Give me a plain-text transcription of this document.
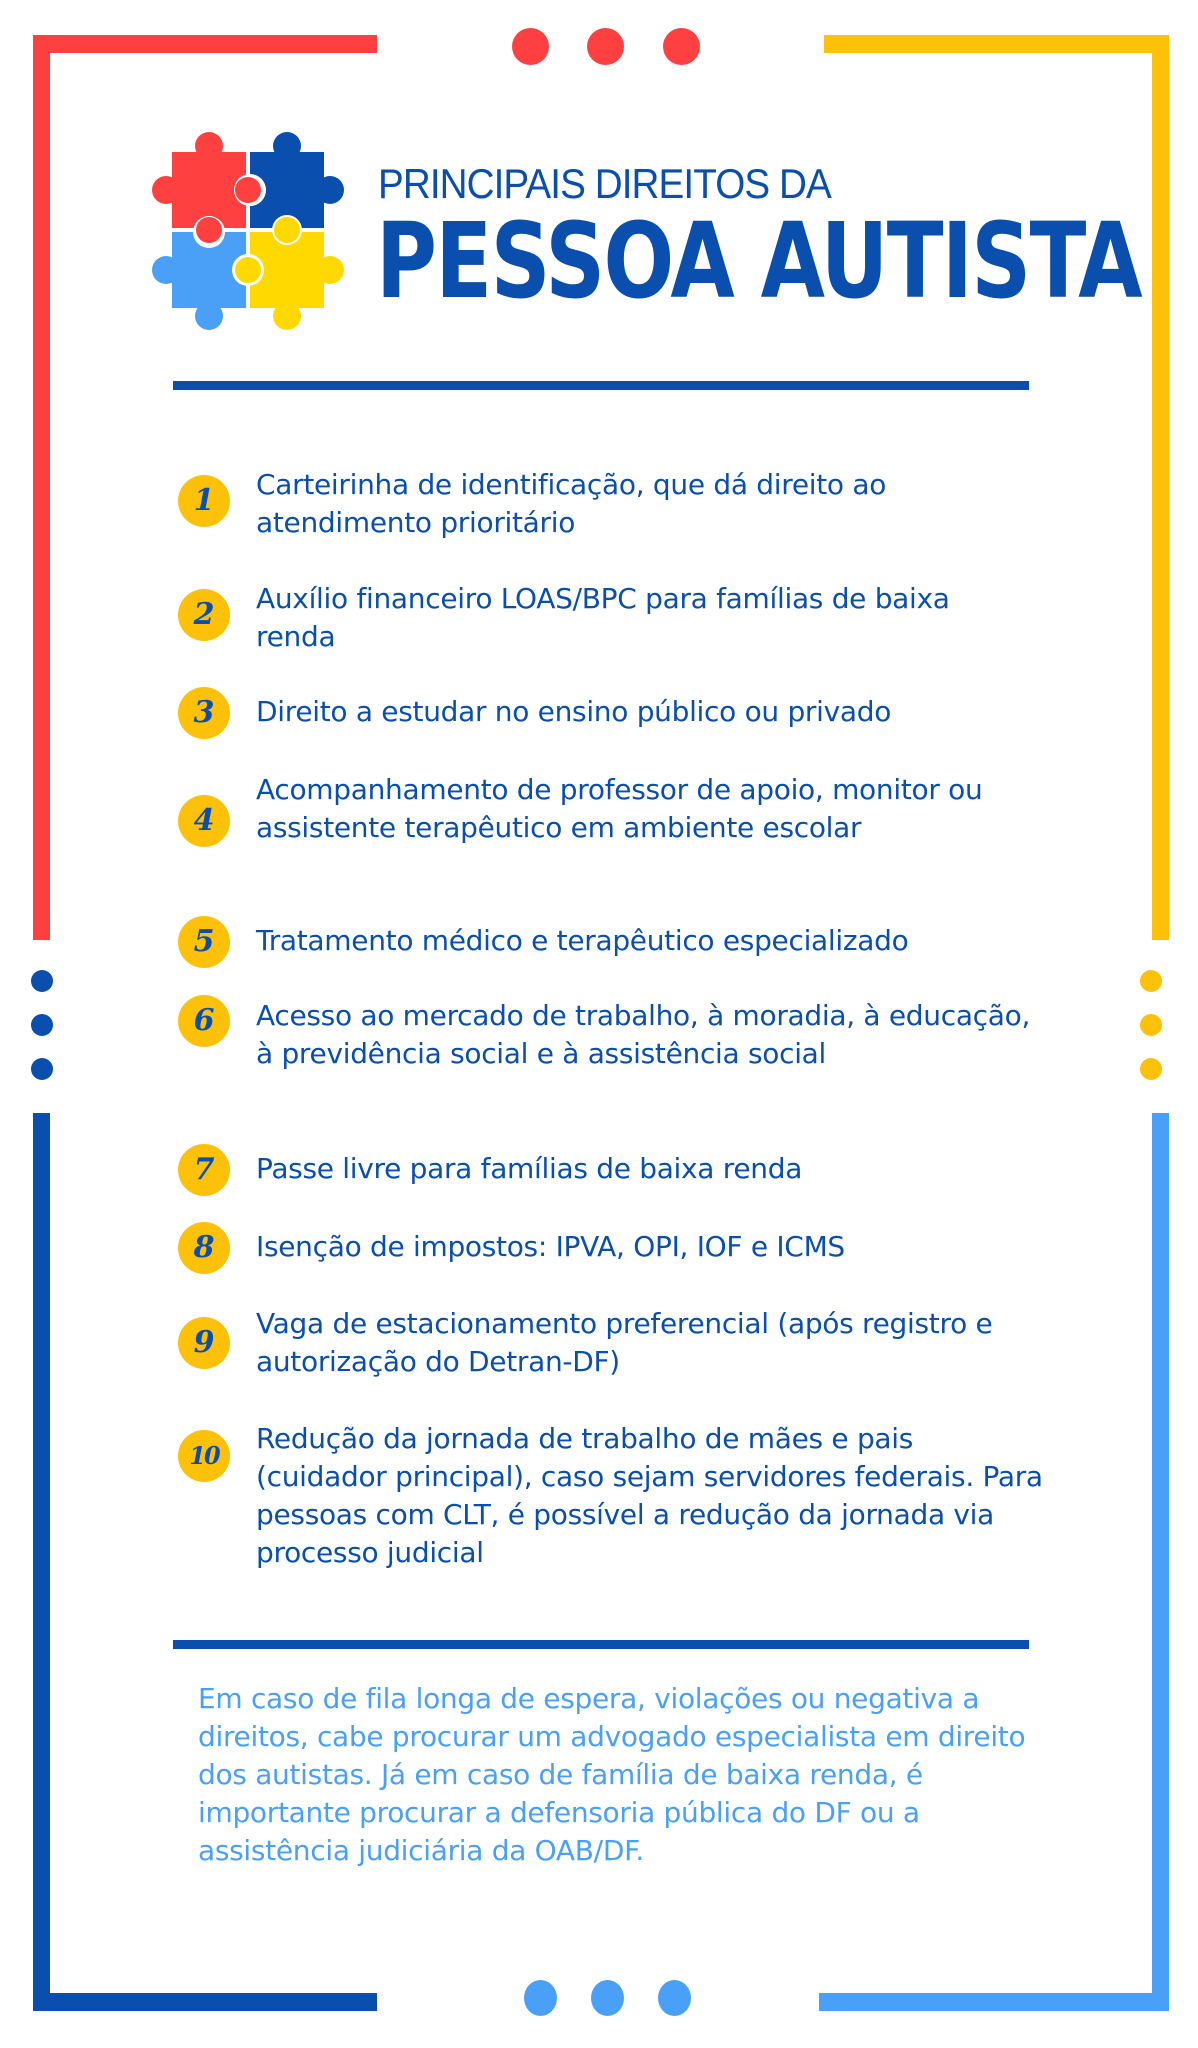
PRINCIPAIS DIREITOS DA
PESSOA AUTISTA
1	Carteirinha de identificação, que dá direito ao atendimento prioritário
2	Auxílio financeiro LOAS/BPC para famílias de baixa renda
3	Direito a estudar no ensino público ou privado
4
Acompanhamento de professor de apoio, monitor ou assistente terapêutico em ambiente escolar
5	Tratamento médico e terapêutico especializado
6	Acesso ao mercado de trabalho, à moradia, à educação, à previdência social e à assistência social
7	Passe livre para famílias de baixa renda
8	Isenção de impostos: IPVA, OPI, IOF e ICMS
9
Vaga de estacionamento preferencial (após registro e autorização do Detran-DF)
10
Redução da jornada de trabalho de mães e pais (cuidador principal), caso sejam servidores federais. Para pessoas com CLT, é possível a redução da jornada via processo judicial
Em caso de fila longa de espera, violações ou negativa a direitos, cabe procurar um advogado especialista em direito dos autistas. Já em caso de família de baixa renda, é importante procurar a defensoria pública do DF ou a assistência judiciária da OAB/DF.
